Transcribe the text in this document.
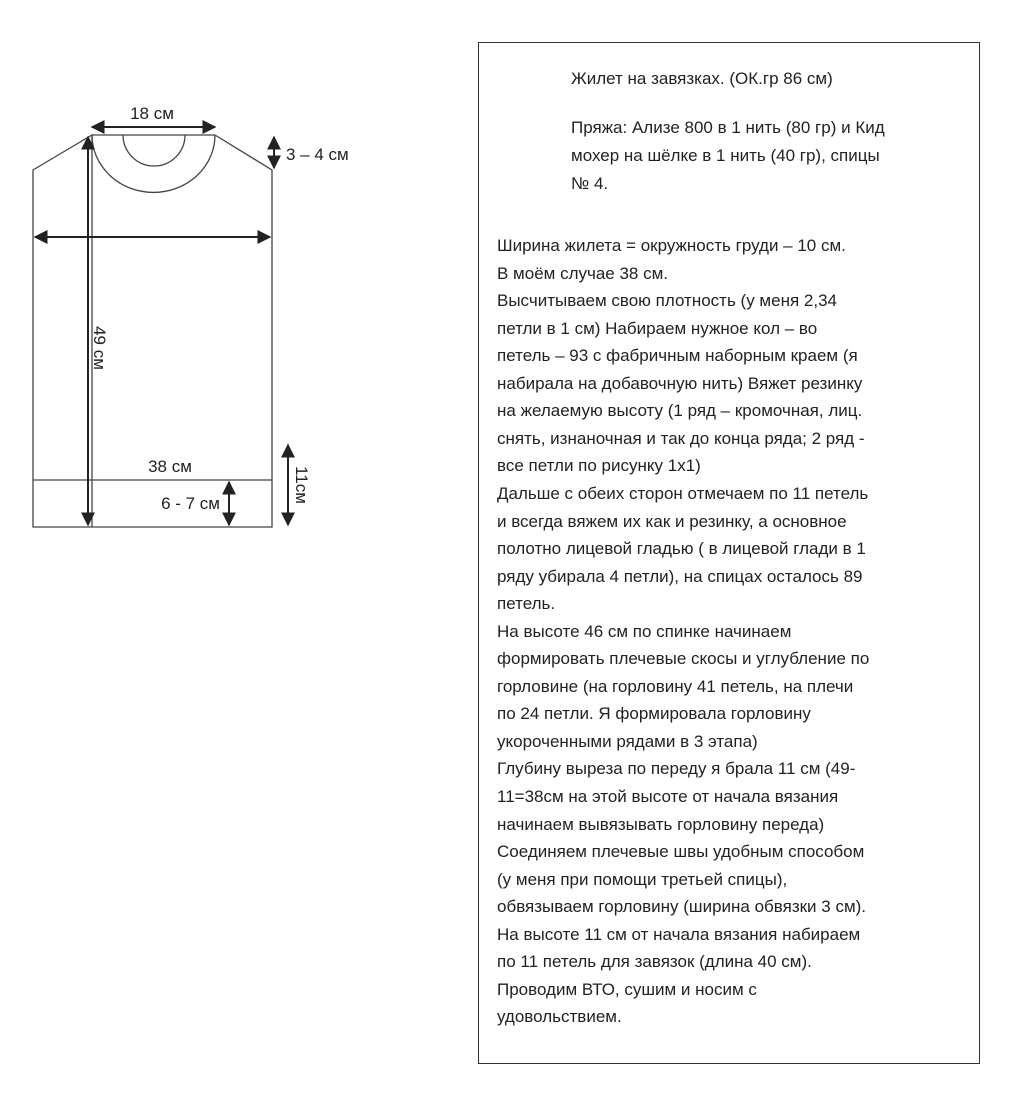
18 см
3 – 4 см
49 см
38 см
6 - 7 см	11см
Жилет на завязках. (ОК.гр 86 см)
Пряжа: Ализе 800 в 1 нить (80 гр) и Кид
мохер на шёлке в 1 нить (40 гр), спицы
№ 4.
Ширина жилета = окружность груди – 10 см.
В моём случае 38 см.
Высчитываем свою плотность (у меня 2,34
петли в 1 см) Набираем нужное кол – во
петель – 93 с фабричным наборным краем (я
набирала на добавочную нить) Вяжет резинку
на желаемую высоту (1 ряд – кромочная, лиц.
снять, изнаночная и так до конца ряда; 2 ряд -
все петли по рисунку 1х1)
Дальше с обеих сторон отмечаем по 11 петель
и всегда вяжем их как и резинку, а основное
полотно лицевой гладью ( в лицевой глади в 1
ряду убирала 4 петли), на спицах осталось 89
петель.
На высоте 46 см по спинке начинаем
формировать плечевые скосы и углубление по
горловине (на горловину 41 петель, на плечи
по 24 петли. Я формировала горловину
укороченными рядами в 3 этапа)
Глубину выреза по переду я брала 11 см (49-
11=38см на этой высоте от начала вязания
начинаем вывязывать горловину переда)
Соединяем плечевые швы удобным способом
(у меня при помощи третьей спицы),
обвязываем горловину (ширина обвязки 3 см).
На высоте 11 см от начала вязания набираем
по 11 петель для завязок (длина 40 см).
Проводим ВТО, сушим и носим с
удовольствием.
